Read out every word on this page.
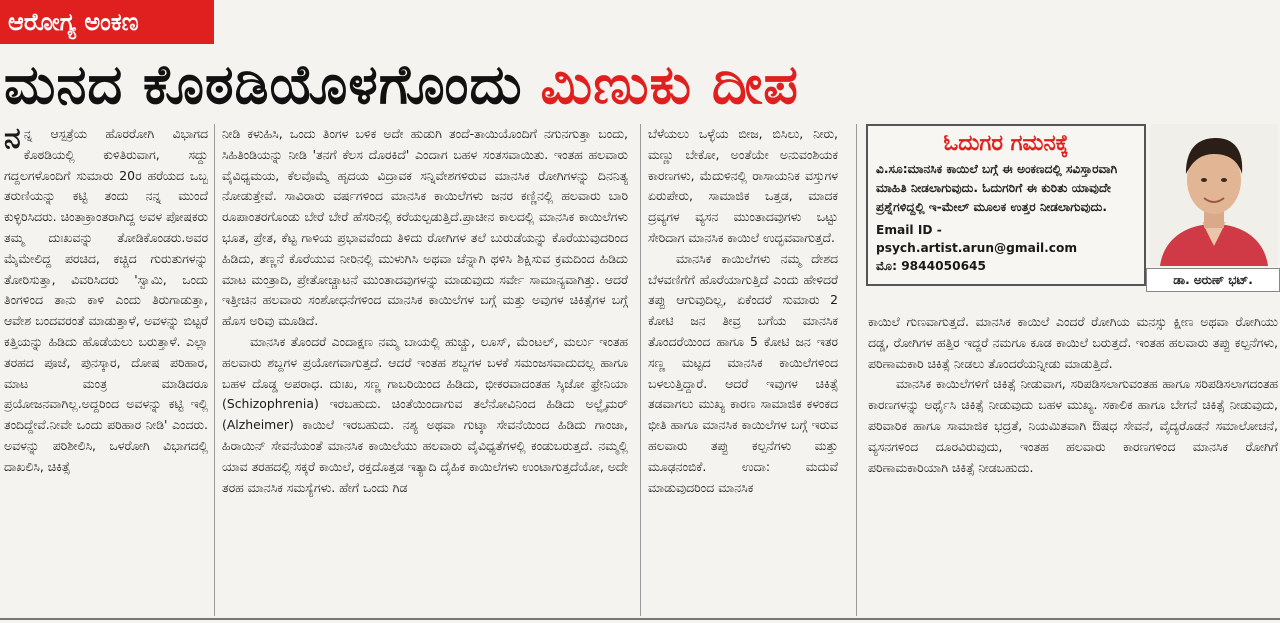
ಆರೋಗ್ಯ ಅಂಕಣ
ಮನದ ಕೊಠಡಿಯೊಳಗೊಂದು ಮಿಣುಕು ದೀಪ

ನನ್ನ ಆಸ್ಪತ್ರೆಯ ಹೊರರೋಗಿ ವಿಭಾಗದ ಕೊಠಡಿಯಲ್ಲಿ ಕುಳಿತಿರುವಾಗ, ಸದ್ದು ಗದ್ದಲಗಳೊಂದಿಗೆ ಸುಮಾರು 20ರ ಹರೆಯದ ಒಬ್ಬ ತರುಣಿಯನ್ನು ಕಟ್ಟಿ ತಂದು ನನ್ನ ಮುಂದೆ ಕುಳ್ಳಿರಿಸಿದರು. ಚಿಂತಾಕ್ರಾಂತರಾಗಿದ್ದ ಅವಳ ಪೋಷಕರು ತಮ್ಮ ದುಃಖವನ್ನು ತೋಡಿಕೊಂಡರು.ಅವರ ಮೈಮೇಲಿದ್ದ ಪರಚಿದ, ಕಚ್ಚಿದ ಗುರುತುಗಳನ್ನು ತೋರಿಸುತ್ತಾ, ವಿವರಿಸಿದರು 'ಸ್ವಾಮಿ, ಒಂದು ತಿಂಗಳಿಂದ ತಾನು ಕಾಳಿ ಎಂದು ತಿರುಗಾಡುತ್ತಾ, ಆವೇಶ ಬಂದವರಂತೆ ಮಾಡುತ್ತಾಳೆ, ಅವಳನ್ನು ಬಿಟ್ಟರೆ ಕತ್ತಿಯನ್ನು ಹಿಡಿದು ಹೊಡೆಯಲು ಬರುತ್ತಾಳೆ. ಎಲ್ಲಾ ತರಹದ ಪೂಜೆ, ಪುನಸ್ಕಾರ, ದೋಷ ಪರಿಹಾರ, ಮಾಟ ಮಂತ್ರ ಮಾಡಿದರೂ ಪ್ರಯೋಜನವಾಗಿಲ್ಲ.ಅದ್ದರಿಂದ ಅವಳನ್ನು ಕಟ್ಟಿ ಇಲ್ಲಿ ತಂದಿದ್ದೇವೆ.ನೀವೇ ಒಂದು ಪರಿಹಾರ ನೀಡಿ' ಎಂದರು. ಅವಳನ್ನು ಪರಿಶೀಲಿಸಿ, ಒಳರೋಗಿ ವಿಭಾಗದಲ್ಲಿ ದಾಖಲಿಸಿ, ಚಿಕಿತ್ಸೆ

ನೀಡಿ ಕಳುಹಿಸಿ, ಒಂದು ತಿಂಗಳ ಬಳಿಕ ಅದೇ ಹುಡುಗಿ ತಂದೆ-ತಾಯಿಯೊಂದಿಗೆ ನಗುನಗುತ್ತಾ ಬಂದು, ಸಿಹಿತಿಂಡಿಯನ್ನು ನೀಡಿ 'ತನಗೆ ಕೆಲಸ ದೊರಕಿದೆ' ಎಂದಾಗ ಬಹಳ ಸಂತಸವಾಯಿತು. ಇಂತಹ ಹಲವಾರು ವೈವಿಧ್ಯಮಯ, ಕೆಲವೊಮ್ಮೆ ಹೃದಯ ವಿದ್ರಾವಕ ಸನ್ನಿವೇಶಗಳಿರುವ ಮಾನಸಿಕ ರೋಗಿಗಳನ್ನು ದಿನನಿತ್ಯ ನೋಡುತ್ತೇವೆ. ಸಾವಿರಾರು ವರ್ಷಗಳಿಂದ ಮಾನಸಿಕ ಕಾಯಿಲೆಗಳು ಜನರ ಕಣ್ಣಿನಲ್ಲಿ ಹಲವಾರು ಬಾರಿ ರೂಪಾಂತರಗೊಂಡು ಬೇರೆ ಬೇರೆ ಹೆಸರಿನಲ್ಲಿ ಕರೆಯಲ್ಪಡುತ್ತಿದೆ.ಪ್ರಾಚೀನ ಕಾಲದಲ್ಲಿ ಮಾನಸಿಕ ಕಾಯಿಲೆಗಳು ಭೂತ, ಪ್ರೇತ, ಕೆಟ್ಟ ಗಾಳಿಯ ಪ್ರಭಾವವೆಂದು ತಿಳಿದು ರೋಗಿಗಳ ತಲೆ ಬುರುಡೆಯನ್ನು ಕೊರೆಯುವುದರಿಂದ ಹಿಡಿದು, ತಣ್ಣನೆ ಕೊರೆಯುವ ನೀರಿನಲ್ಲಿ ಮುಳುಗಿಸಿ ಅಥವಾ ಚೆನ್ನಾಗಿ ಥಳಿಸಿ ಶಿಕ್ಷಿಸುವ ಕ್ರಮದಿಂದ ಹಿಡಿದು ಮಾಟ ಮಂತ್ರಾದಿ, ಪ್ರೇತೋಚ್ಚಾಟನೆ ಮುಂತಾದವುಗಳನ್ನು ಮಾಡುವುದು ಸರ್ವೇ ಸಾಮಾನ್ಯವಾಗಿತ್ತು. ಆದರೆ ಇತ್ತೀಚಿನ ಹಲವಾರು ಸಂಶೋಧನೆಗಳಿಂದ ಮಾನಸಿಕ ಕಾಯಿಲೆಗಳ ಬಗ್ಗೆ ಮತ್ತು ಅವುಗಳ ಚಿಕಿತ್ಸೆಗಳ ಬಗ್ಗೆ ಹೊಸ ಅರಿವು ಮೂಡಿದೆ.

ಮಾನಸಿಕ ತೊಂದರೆ ಎಂದಾಕ್ಷಣ ನಮ್ಮ ಬಾಯಲ್ಲಿ ಹುಚ್ಚು, ಲೂಸ್, ಮೆಂಟಲ್, ಮರ್ಲು ಇಂತಹ ಹಲವಾರು ಶಬ್ದಗಳ ಪ್ರಯೋಗವಾಗುತ್ತದೆ. ಆದರೆ ಇಂತಹ ಶಬ್ದಗಳ ಬಳಕೆ ಸಮಂಜಸವಾದುದಲ್ಲ ಹಾಗೂ ಬಹಳ ದೊಡ್ಡ ಅಪರಾಧ. ದುಃಖ, ಸಣ್ಣ ಗಾಬರಿಯಿಂದ ಹಿಡಿದು, ಭೀಕರವಾದಂತಹ ಸ್ಕಿಜೋ ಫ್ರೇನಿಯಾ (Schizophrenia) ಇರಬಹುದು. ಚಿಂತೆಯಿಂದಾಗುವ ತಲೆನೋವಿನಿಂದ ಹಿಡಿದು ಅಲ್ಝೈಮರ್ (Alzheimer) ಕಾಯಿಲೆ ಇರಬಹುದು. ನಶ್ಯ ಅಥವಾ ಗುಟ್ಕಾ ಸೇವನೆಯಿಂದ ಹಿಡಿದು ಗಾಂಜಾ, ಹಿರಾಯಿನ್ ಸೇವನೆಯಂತೆ ಮಾನಸಿಕ ಕಾಯಿಲೆಯು ಹಲವಾರು ವೈವಿಧ್ಯತೆಗಳಲ್ಲಿ ಕಂಡುಬರುತ್ತದೆ. ನಮ್ಮಲ್ಲಿ ಯಾವ ತರಹದಲ್ಲಿ ಸಕ್ಕರೆ ಕಾಯಿಲೆ, ರಕ್ತದೊತ್ತಡ ಇತ್ಯಾದಿ ದೈಹಿಕ ಕಾಯಿಲೆಗಳು ಉಂಟಾಗುತ್ತದೆಯೋ, ಅದೇ ತರಹ ಮಾನಸಿಕ ಸಮಸ್ಯೆಗಳು. ಹೇಗೆ ಒಂದು ಗಿಡ

ಬೆಳೆಯಲು ಒಳ್ಳೆಯ ಬೀಜ, ಬಿಸಿಲು, ನೀರು, ಮಣ್ಣು ಬೇಕೋ, ಅಂತೆಯೇ ಅನುವಂಶಿಯಕ ಕಾರಣಗಳು, ಮೆದುಳಿನಲ್ಲಿ ರಾಸಾಯನಿಕ ವಸ್ತುಗಳ ಏರುಪೇರು, ಸಾಮಾಜಿಕ ಒತ್ತಡ, ಮಾದಕ ದ್ರವ್ಯಗಳ ವ್ಯಸನ ಮುಂತಾದವುಗಳು ಒಟ್ಟು ಸೇರಿದಾಗ ಮಾನಸಿಕ ಕಾಯಿಲೆ ಉದ್ಭವವಾಗುತ್ತದೆ.

ಮಾನಸಿಕ ಕಾಯಿಲೆಗಳು ನಮ್ಮ ದೇಶದ ಬೆಳವಣಿಗೆಗೆ ಹೊರೆಯಾಗುತ್ತಿದೆ ಎಂದು ಹೇಳಿದರೆ ತಪ್ಪು ಆಗುವುದಿಲ್ಲ, ಏಕೆಂದರೆ ಸುಮಾರು 2 ಕೋಟಿ ಜನ ತೀವ್ರ ಬಗೆಯ ಮಾನಸಿಕ ತೊಂದರೆಯಿಂದ ಹಾಗೂ 5 ಕೋಟಿ ಜನ ಇತರ ಸಣ್ಣ ಮಟ್ಟದ ಮಾನಸಿಕ ಕಾಯಿಲೆಗಳಿಂದ ಬಳಲುತ್ತಿದ್ದಾರೆ. ಆದರೆ ಇವುಗಳ ಚಿಕಿತ್ಸೆ ತಡವಾಗಲು ಮುಖ್ಯ ಕಾರಣ ಸಾಮಾಜಿಕ ಕಳಂಕದ ಭೀತಿ ಹಾಗೂ ಮಾನಸಿಕ ಕಾಯಿಲೆಗಳ ಬಗ್ಗೆ ಇರುವ ಹಲವಾರು ತಪ್ಪು ಕಲ್ಪನೆಗಳು ಮತ್ತು ಮೂಢನಂಬಿಕೆ. ಉದಾ: ಮದುವೆ ಮಾಡುವುದರಿಂದ ಮಾನಸಿಕ

ಓದುಗರ ಗಮನಕ್ಕೆ
ವಿ.ಸೂ:ಮಾನಸಿಕ ಕಾಯಿಲೆ ಬಗ್ಗೆ ಈ ಅಂಕಣದಲ್ಲಿ ಸವಿಸ್ತಾರವಾಗಿ ಮಾಹಿತಿ ನೀಡಲಾಗುವುದು. ಓದುಗರಿಗೆ ಈ ಕುರಿತು ಯಾವುದೇ ಪ್ರಶ್ನೆಗಳಿದ್ದಲ್ಲಿ ಇ-ಮೇಲ್ ಮೂಲಕ ಉತ್ತರ ನೀಡಲಾಗುವುದು.
Email ID - psych.artist.arun@gmail.com
ಮೊ: 9844050645
ಡಾ. ಅರುಣ್ ಭಟ್.

ಕಾಯಿಲೆ ಗುಣವಾಗುತ್ತದೆ. ಮಾನಸಿಕ ಕಾಯಿಲೆ ಎಂದರೆ ರೋಗಿಯ ಮನಸ್ಸು ಕ್ಷೀಣ ಅಥವಾ ರೋಗಿಯು ದಡ್ಡ, ರೋಗಿಗಳ ಹತ್ತಿರ ಇದ್ದರೆ ನಮಗೂ ಕೂಡ ಕಾಯಿಲೆ ಬರುತ್ತದೆ. ಇಂತಹ ಹಲವಾರು ತಪ್ಪು ಕಲ್ಪನೆಗಳು, ಪರಿಣಾಮಕಾರಿ ಚಿಕಿತ್ಸೆ ನೀಡಲು ತೊಂದರೆಯನ್ನೀಡು ಮಾಡುತ್ತಿದೆ.

ಮಾನಸಿಕ ಕಾಯಿಲೆಗಳಿಗೆ ಚಿಕಿತ್ಸೆ ನೀಡುವಾಗ, ಸರಿಪಡಿಸಲಾಗುವಂತಹ ಹಾಗೂ ಸರಿಪಡಿಸಲಾಗದಂತಹ ಕಾರಣಗಳನ್ನು ಅರ್ಥೈಸಿ ಚಿಕಿತ್ಸೆ ನೀಡುವುದು ಬಹಳ ಮುಖ್ಯ. ಸಕಾಲಿಕ ಹಾಗೂ ಬೇಗನೆ ಚಿಕಿತ್ಸೆ ನೀಡುವುದು, ಪರಿವಾರಿಕ ಹಾಗೂ ಸಾಮಾಜಿಕ ಭದ್ರತೆ, ನಿಯಮಿತವಾಗಿ ಔಷಧ ಸೇವನೆ, ವೈದ್ಯರೊಡನೆ ಸಮಾಲೋಚನೆ, ವ್ಯಸನಗಳಿಂದ ದೂರವಿರುವುದು, ಇಂತಹ ಹಲವಾರು ಕಾರಣಗಳಿಂದ ಮಾನಸಿಕ ರೋಗಿಗೆ ಪರಿಣಾಮಕಾರಿಯಾಗಿ ಚಿಕಿತ್ಸೆ ನೀಡಬಹುದು.
